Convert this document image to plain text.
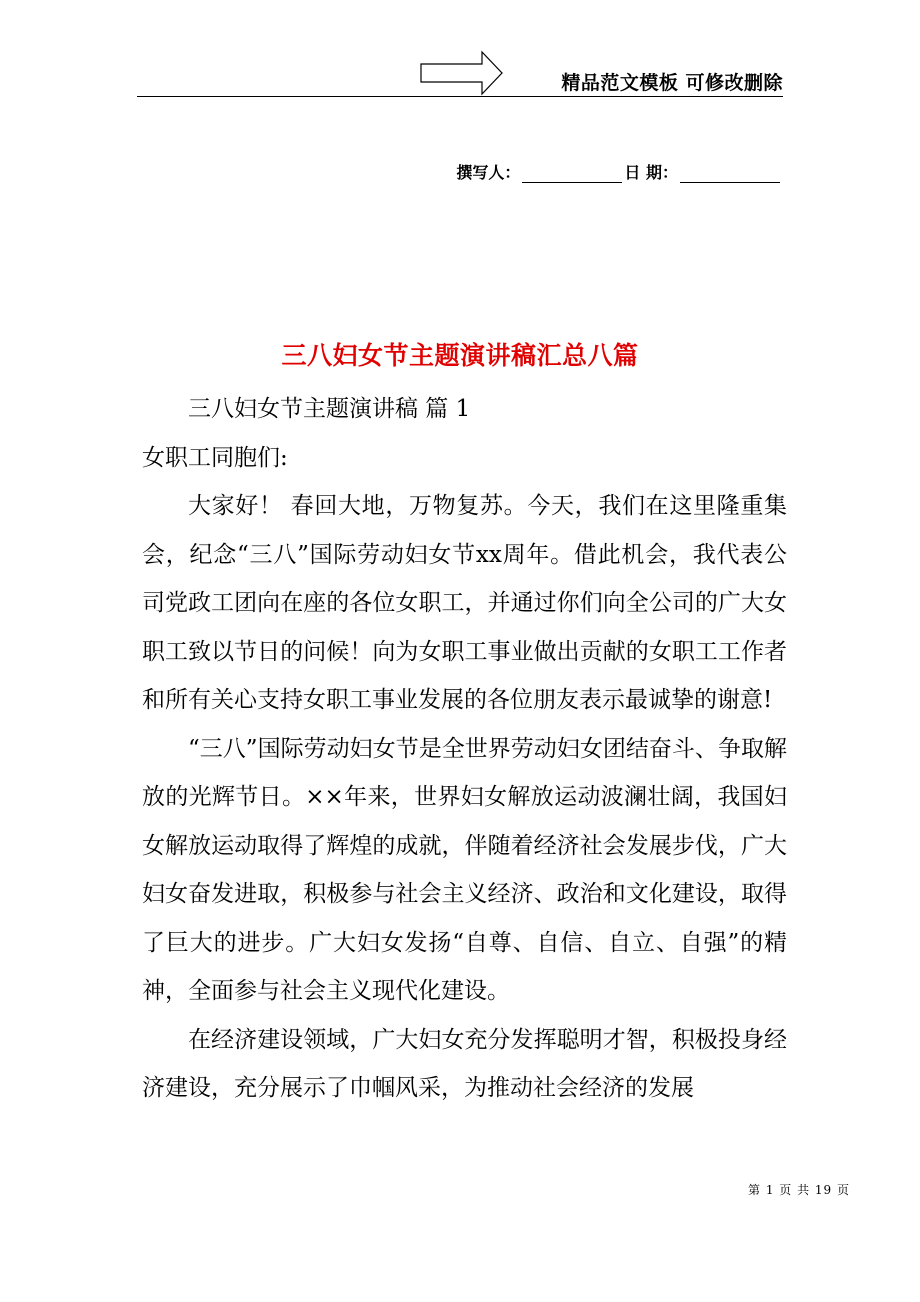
精品范文模板 可修改删除
撰写人：	日 期：
三八妇女节主题演讲稿汇总八篇

三八妇女节主题演讲稿 篇 1

女职工同胞们:

大家好！ 春回大地，万物复苏。今天，我们在这里隆重集会，纪念“三八”国际劳动妇女节xx周年。借此机会，我代表公司党政工团向在座的各位女职工，并通过你们向全公司的广大女职工致以节日的问候！向为女职工事业做出贡献的女职工工作者和所有关心支持女职工事业发展的各位朋友表示最诚挚的谢意!

“三八”国际劳动妇女节是全世界劳动妇女团结奋斗、争取解放的光辉节日。××年来，世界妇女解放运动波澜壮阔，我国妇女解放运动取得了辉煌的成就，伴随着经济社会发展步伐，广大妇女奋发进取，积极参与社会主义经济、政治和文化建设，取得了巨大的进步。广大妇女发扬“自尊、自信、自立、自强”的精神，全面参与社会主义现代化建设。

在经济建设领域，广大妇女充分发挥聪明才智，积极投身经济建设，充分展示了巾帼风采，为推动社会经济的发展

第 1 页 共 19 页
